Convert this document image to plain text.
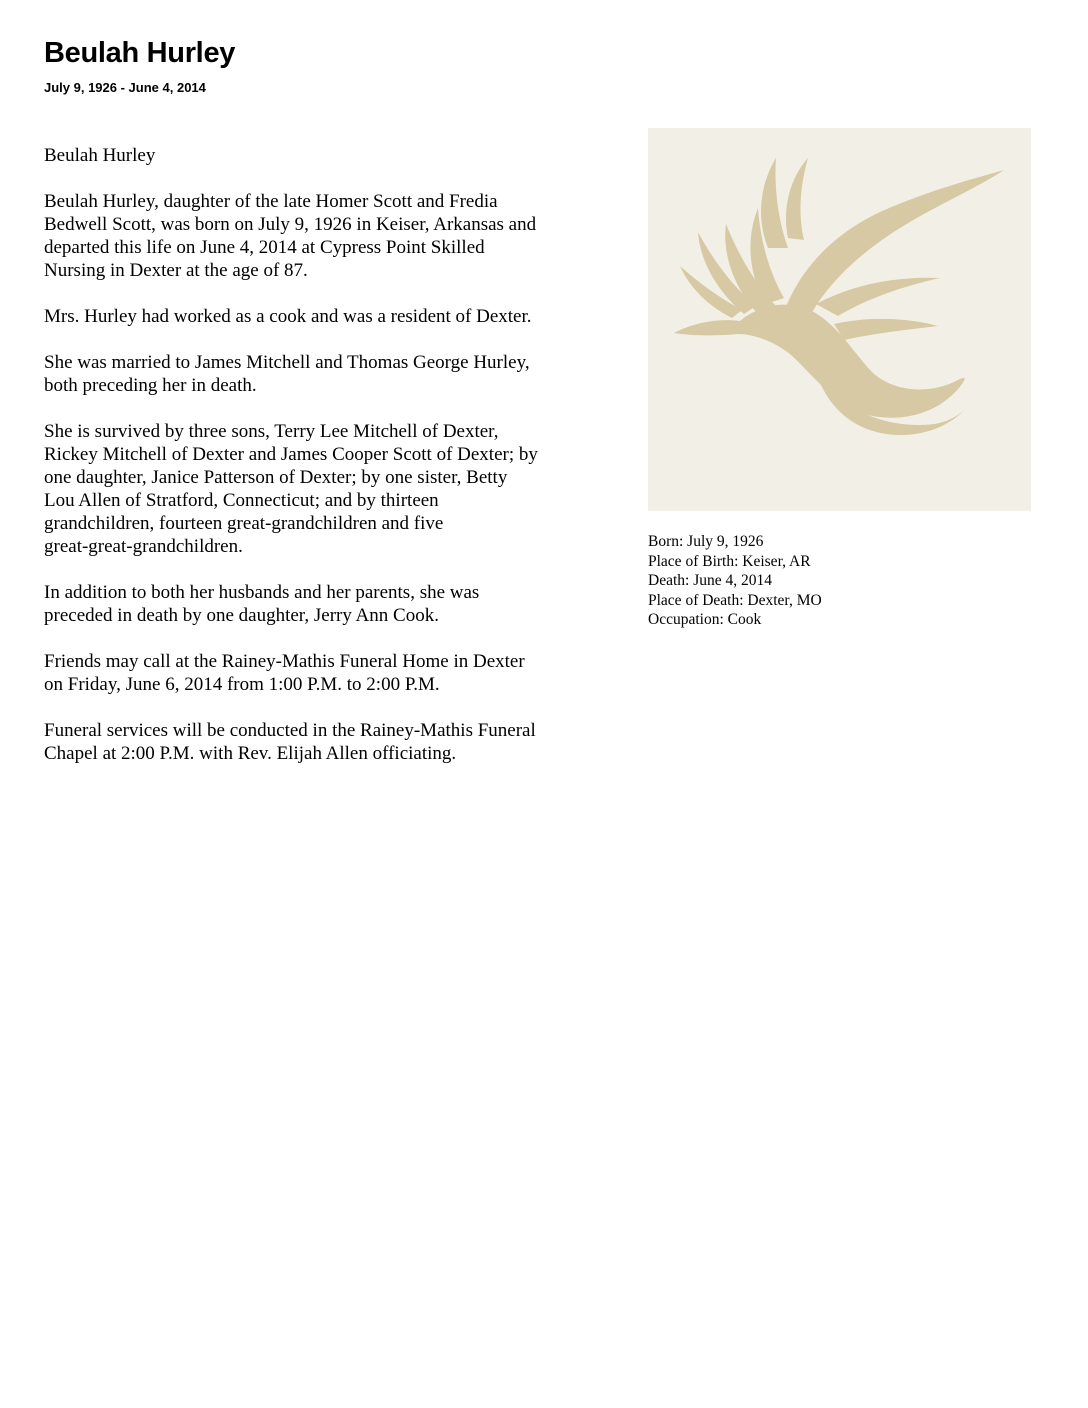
Beulah Hurley
July 9, 1926 - June 4, 2014

Beulah Hurley

Beulah Hurley, daughter of the late Homer Scott and Fredia
Bedwell Scott, was born on July 9, 1926 in Keiser, Arkansas and
departed this life on June 4, 2014 at Cypress Point Skilled
Nursing in Dexter at the age of 87.

Mrs. Hurley had worked as a cook and was a resident of Dexter.

She was married to James Mitchell and Thomas George Hurley,
both preceding her in death.

She is survived by three sons, Terry Lee Mitchell of Dexter,
Rickey Mitchell of Dexter and James Cooper Scott of Dexter; by
one daughter, Janice Patterson of Dexter; by one sister, Betty
Lou Allen of Stratford, Connecticut; and by thirteen
grandchildren, fourteen great-grandchildren and five
great-great-grandchildren.

In addition to both her husbands and her parents, she was
preceded in death by one daughter, Jerry Ann Cook.

Friends may call at the Rainey-Mathis Funeral Home in Dexter
on Friday, June 6, 2014 from 1:00 P.M. to 2:00 P.M.

Funeral services will be conducted in the Rainey-Mathis Funeral
Chapel at 2:00 P.M. with Rev. Elijah Allen officiating.

Born: July 9, 1926
Place of Birth: Keiser, AR
Death: June 4, 2014
Place of Death: Dexter, MO
Occupation: Cook
